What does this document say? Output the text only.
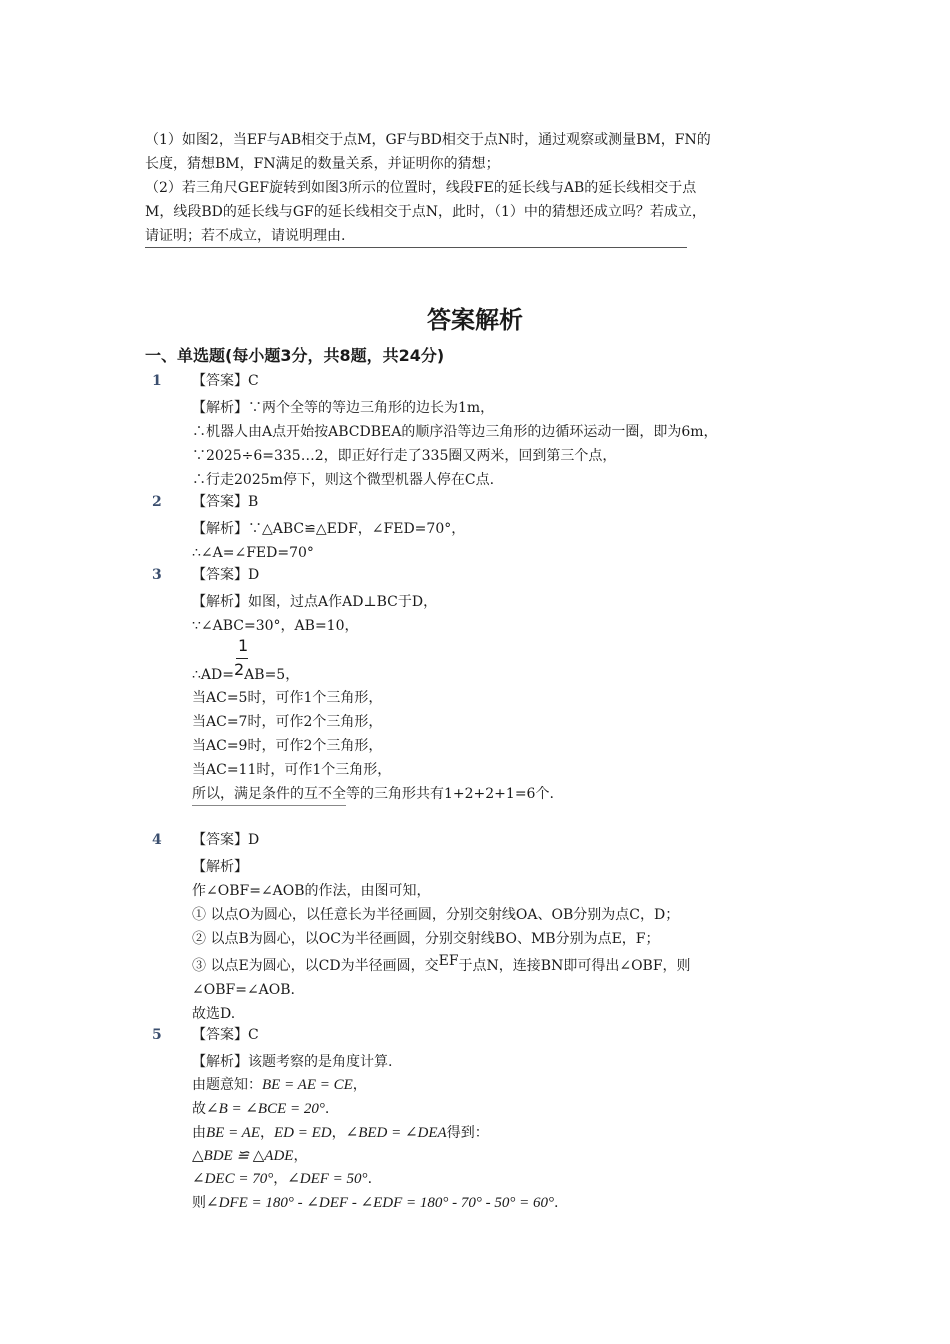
（1）如图2，当EF与AB相交于点M，GF与BD相交于点N时，通过观察或测量BM，FN的
长度，猜想BM，FN满足的数量关系，并证明你的猜想；
（2）若三角尺GEF旋转到如图3所示的位置时，线段FE的延长线与AB的延长线相交于点
M，线段BD的延长线与GF的延长线相交于点N，此时，（1）中的猜想还成立吗？若成立，
请证明；若不成立，请说明理由.
答案解析
一、单选题(每小题3分，共8题，共24分)
1 【答案】C
【解析】∵两个全等的等边三角形的边长为1m，
∴机器人由A点开始按ABCDBEA的顺序沿等边三角形的边循环运动一圈，即为6m，
∵2025÷6=335…2，即正好行走了335圈又两米，回到第三个点，
∴行走2025m停下，则这个微型机器人停在C点.
2 【答案】B
【解析】∵△ABC≌△EDF，∠FED=70°，
∴∠A=∠FED=70°
3 【答案】D
【解析】如图，过点A作AD⊥BC于D，
∵∠ABC=30°，AB=10，
1
∴AD=2AB=5，
当AC=5时，可作1个三角形，
当AC=7时，可作2个三角形，
当AC=9时，可作2个三角形，
当AC=11时，可作1个三角形，
所以，满足条件的互不全等的三角形共有1+2+2+1=6个.
4 【答案】D
【解析】
作∠OBF=∠AOB的作法，由图可知，
① 以点O为圆心，以任意长为半径画圆，分别交射线OA、OB分别为点C，D；
② 以点B为圆心，以OC为半径画圆，分别交射线BO、MB分别为点E，F；
③ 以点E为圆心，以CD为半径画圆，交EF于点N，连接BN即可得出∠OBF，则
∠OBF=∠AOB.
故选D.
5 【答案】C
【解析】该题考察的是角度计算.
由题意知：BE = AE = CE，
故∠B = ∠BCE = 20°.
由BE = AE，ED = ED，∠BED = ∠DEA得到：
△BDE ≌ △ADE，
∠DEC = 70°，∠DEF = 50°.
则∠DFE = 180° - ∠DEF - ∠EDF = 180° - 70° - 50° = 60°.
